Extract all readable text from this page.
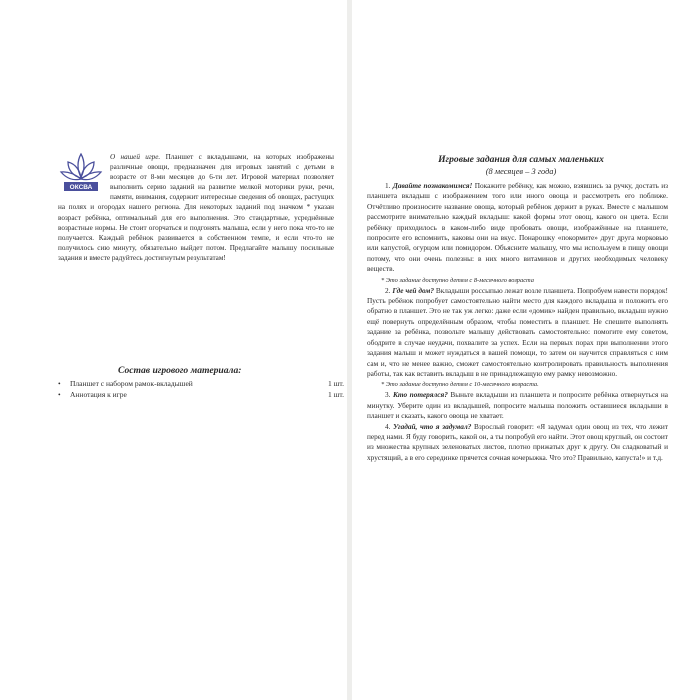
ОКСВА

О нашей игре. Планшет с вкладышами, на которых изображены различные овощи, предназначен для игровых занятий с детьми в возрасте от 8-ми месяцев до 6-ти лет. Игровой материал позволяет выполнить серию заданий на развитие мелкой моторики руки, речи, памяти, внимания, содержит интересные сведения об овощах, растущих на полях и огородах нашего региона. Для некоторых заданий под значком * указан возраст ребёнка, оптимальный для его выполнения. Это стандартные, усреднённые возрастные нормы. Не стоит огорчаться и подгонять малыша, если у него пока что-то не получается. Каждый ребёнок развивается в собственном темпе, и если что-то не получилось сию минуту, обязательно выйдет потом. Предлагайте малышу посильные задания и вместе радуйтесь достигнутым результатам!

Состав игрового материала:

• Планшет с набором рамок-вкладышей	1 шт.
• Аннотация к игре	1 шт.

Игровые задания для самых маленьких

(8 месяцев – 3 года)

1. Давайте познакомимся! Покажите ребёнку, как можно, взявшись за ручку, достать из планшета вкладыш с изображением того или иного овоща и рассмотреть его поближе. Отчётливо произносите название овоща, который ребёнок держит в руках. Вместе с малышом рассмотрите внимательно каждый вкладыш: какой формы этот овощ, какого он цвета. Если ребёнку приходилось в каком-либо виде пробовать овощи, изображённые на планшете, попросите его вспомнить, каковы они на вкус. Понарошку «покормите» друг друга морковью или капустой, огурцом или помидором. Объясните малышу, что мы используем в пищу овощи потому, что они очень полезны: в них много витаминов и других необходимых человеку веществ.

* Это задание доступно детям с 8-месячного возраста

2. Где чей дом? Вкладыши россыпью лежат возле планшета. Попробуем навести порядок! Пусть ребёнок попробует самостоятельно найти место для каждого вкладыша и положить его обратно в планшет. Это не так уж легко: даже если «домик» найден правильно, вкладыш нужно ещё повернуть определённым образом, чтобы поместить в планшет. Не спешите выполнять задание за ребёнка, позвольте малышу действовать самостоятельно: помогите ему советом, ободрите в случае неудачи, похвалите за успех. Если на первых порах при выполнении этого задания малыш и может нуждаться в вашей помощи, то затем он научится справляться с ним сам и, что не менее важно, сможет самостоятельно контролировать правильность выполнения работы, так как вставить вкладыш в не принадлежащую ему рамку невозможно.

* Это задание доступно детям с 10-месячного возраста.

3. Кто потерялся? Выньте вкладыши из планшета и попросите ребёнка отвернуться на минутку. Уберите один из вкладышей, попросите малыша положить оставшиеся вкладыши в планшет и сказать, какого овоща не хватает.

4. Угадай, что я задумал? Взрослый говорит: «Я задумал один овощ из тех, что лежит перед нами. Я буду говорить, какой он, а ты попробуй его найти. Этот овощ круглый, он состоит из множества крупных зеленоватых листов, плотно прижатых друг к другу. Он сладковатый и хрустящий, а в его серединке прячется сочная кочерыжка. Что это? Правильно, капуста!» и т.д.
